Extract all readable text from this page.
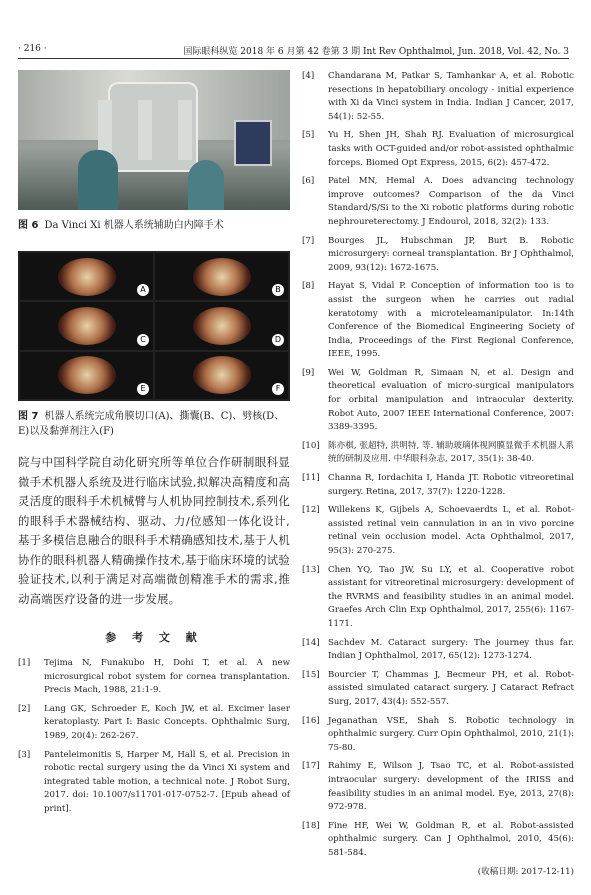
· 216 ·	国际眼科纵览 2018 年 6 月第 42 卷第 3 期 Int Rev Ophthalmol, Jun. 2018, Vol. 42, No. 3
图 6 Da Vinci Xi 机器人系统辅助白内障手术
A	B
C	D
E	F
图 7 机器人系统完成角膜切口(A)、撕囊(B、C)、劈核(D、E)以及黏弹剂注入(F)
院与中国科学院自动化研究所等单位合作研制眼科显微手术机器人系统及进行临床试验,拟解决高精度和高灵活度的眼科手术机械臂与人机协同控制技术,系列化的眼科手术器械结构、驱动、力/位感知一体化设计,基于多模信息融合的眼科手术精确感知技术,基于人机协作的眼科机器人精确操作技术,基于临床环境的试验验证技术,以利于满足对高端微创精准手术的需求,推动高端医疗设备的进一步发展。
参 考 文 献
[1]	Tejima N, Funakubo H, Dohi T, et al. A new microsurgical robot system for cornea transplantation. Precis Mach, 1988, 21:1-9.
[2]	Lang GK, Schroeder E, Koch JW, et al. Excimer laser keratoplasty. Part I: Basic Concepts. Ophthalmic Surg, 1989, 20(4): 262-267.
[3]	Panteleimonitis S, Harper M, Hall S, et al. Precision in robotic rectal surgery using the da Vinci Xi system and integrated table motion, a technical note. J Robot Surg, 2017. doi: 10.1007/s11701-017-0752-7. [Epub ahead of print].
[4]	Chandarana M, Patkar S, Tamhankar A, et al. Robotic resections in hepatobiliary oncology - initial experience with Xi da Vinci system in India. Indian J Cancer, 2017, 54(1): 52-55.
[5]	Yu H, Shen JH, Shah RJ. Evaluation of microsurgical tasks with OCT-guided and/or robot-assisted ophthalmic forceps. Biomed Opt Express, 2015, 6(2): 457-472.
[6]	Patel MN, Hemal A. Does advancing technology improve outcomes? Comparison of the da Vinci Standard/S/Si to the Xi robotic platforms during robotic nephroureterectomy. J Endourol, 2018, 32(2): 133.
[7]	Bourges JL, Hubschman JP, Burt B. Robotic microsurgery: corneal transplantation. Br J Ophthalmol, 2009, 93(12): 1672-1675.
[8]	Hayat S, Vidal P. Conception of information too is to assist the surgeon when he carries out radial keratotomy with a microteleamanipulator. In:14th Conference of the Biomedical Engineering Society of India, Proceedings of the First Regional Conference, IEEE, 1995.
[9]	Wei W, Goldman R, Simaan N, et al. Design and theoretical evaluation of micro-surgical manipulators for orbital manipulation and intraocular dexterity. Robot Auto, 2007 IEEE International Conference, 2007: 3389-3395.
[10] 陈亦棋, 张超特, 洪明特, 等. 辅助玻璃体视网膜显微手术机器人系统的研制及应用. 中华眼科杂志, 2017, 35(1): 38-40.
[11] Channa R, Iordachita I, Handa JT. Robotic vitreoretinal surgery. Retina, 2017, 37(7): 1220-1228.
[12] Willekens K, Gijbels A, Schoevaerdts L, et al. Robot-assisted retinal vein cannulation in an in vivo porcine retinal vein occlusion model. Acta Ophthalmol, 2017, 95(3): 270-275.
[13] Chen YQ, Tao JW, Su LY, et al. Cooperative robot assistant for vitreoretinal microsurgery: development of the RVRMS and feasibility studies in an animal model. Graefes Arch Clin Exp Ophthalmol, 2017, 255(6): 1167-1171.
[14] Sachdev M. Cataract surgery: The journey thus far. Indian J Ophthalmol, 2017, 65(12): 1273-1274.
[15] Bourcier T, Chammas J, Becmeur PH, et al. Robot-assisted simulated cataract surgery. J Cataract Refract Surg, 2017, 43(4): 552-557.
[16] Jeganathan VSE, Shah S. Robotic technology in ophthalmic surgery. Curr Opin Ophthalmol, 2010, 21(1): 75-80.
[17] Rahimy E, Wilson J, Tsao TC, et al. Robot-assisted intraocular surgery: development of the IRISS and feasibility studies in an animal model. Eye, 2013, 27(8): 972-978.
[18] Fine HF, Wei W, Goldman R, et al. Robot-assisted ophthalmic surgery. Can J Ophthalmol, 2010, 45(6): 581-584.
(收稿日期: 2017-12-11)
